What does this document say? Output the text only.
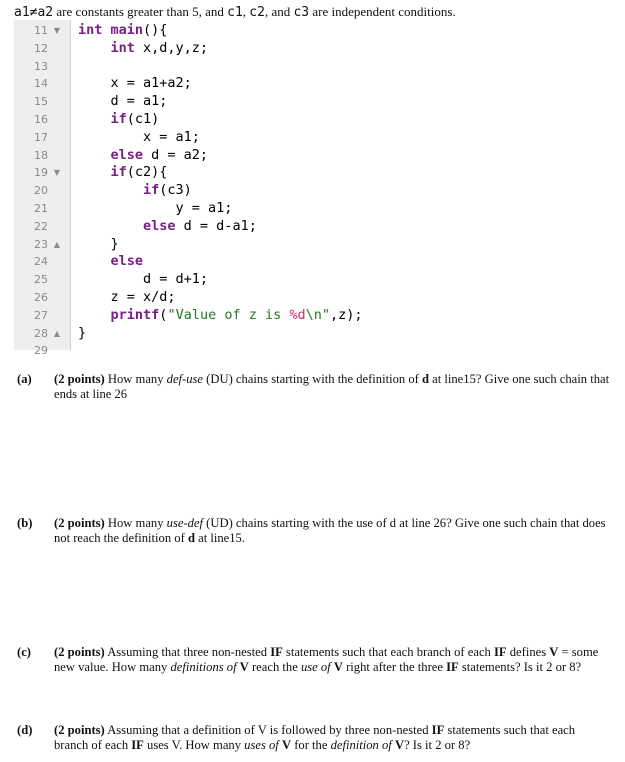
a1≠a2 are constants greater than 5, and c1, c2, and c3 are independent conditions.
11 ▼ int main(){
12	int x,d,y,z;
13
14 x = a1+a2;
15 d = a1;
16	if(c1)
17 x = a1;
18	else d = a2;
19 ▼	if(c2){
20	if(c3)
21 y = a1;
22	else d = d-a1;
23 ▲ }
24	else
25 d = d+1;
26 z = x/d;
27	printf("Value of z is %d\n",z);
28 ▲ }
29
(a) (2 points) How many def-use (DU) chains starting with the definition of d at line15? Give one such chain that ends at line 26
(b) (2 points) How many use-def (UD) chains starting with the use of d at line 26? Give one such chain that does not reach the definition of d at line15.
(c) (2 points) Assuming that three non-nested IF statements such that each branch of each IF defines V = some new value. How many definitions of V reach the use of V right after the three IF statements? Is it 2 or 8?
(d) (2 points) Assuming that a definition of V is followed by three non-nested IF statements such that each branch of each IF uses V. How many uses of V for the definition of V? Is it 2 or 8?
